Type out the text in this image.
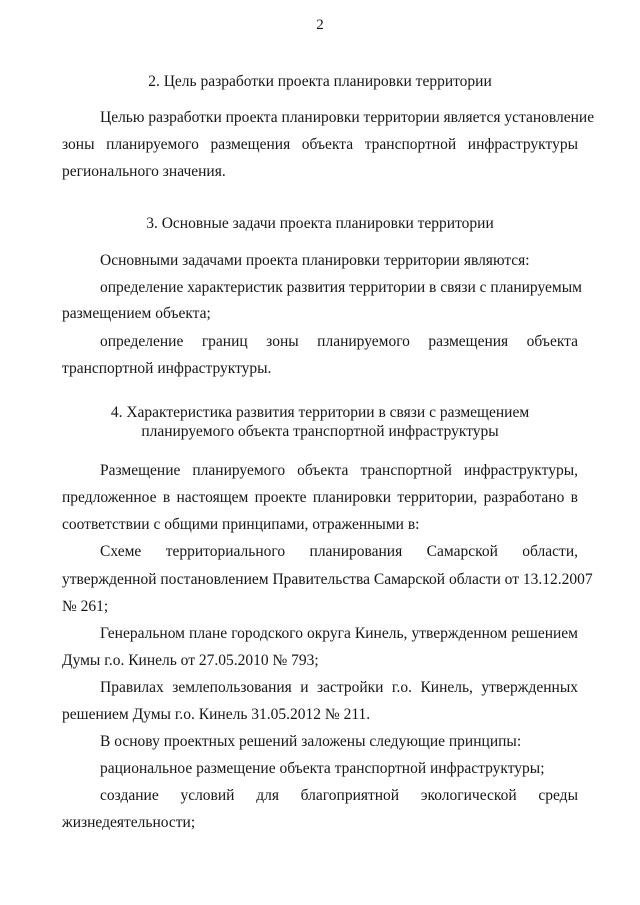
2
2. Цель разработки проекта планировки территории
Целью разработки проекта планировки территории является установление
зоны планируемого размещения объекта транспортной инфраструктуры
регионального значения.
3. Основные задачи проекта планировки территории
Основными задачами проекта планировки территории являются:
определение характеристик развития территории в связи с планируемым
размещением объекта;
определение границ зоны планируемого размещения объекта
транспортной инфраструктуры.
4. Характеристика развития территории в связи с размещением
планируемого объекта транспортной инфраструктуры
Размещение планируемого объекта транспортной инфраструктуры,
предложенное в настоящем проекте планировки территории, разработано в
соответствии с общими принципами, отраженными в:
Схеме территориального планирования Самарской области,
утвержденной постановлением Правительства Самарской области от 13.12.2007
№ 261;
Генеральном плане городского округа Кинель, утвержденном решением
Думы г.о. Кинель от 27.05.2010 № 793;
Правилах землепользования и застройки г.о. Кинель, утвержденных
решением Думы г.о. Кинель 31.05.2012 № 211.
В основу проектных решений заложены следующие принципы:
рациональное размещение объекта транспортной инфраструктуры;
создание условий для благоприятной экологической среды
жизнедеятельности;
